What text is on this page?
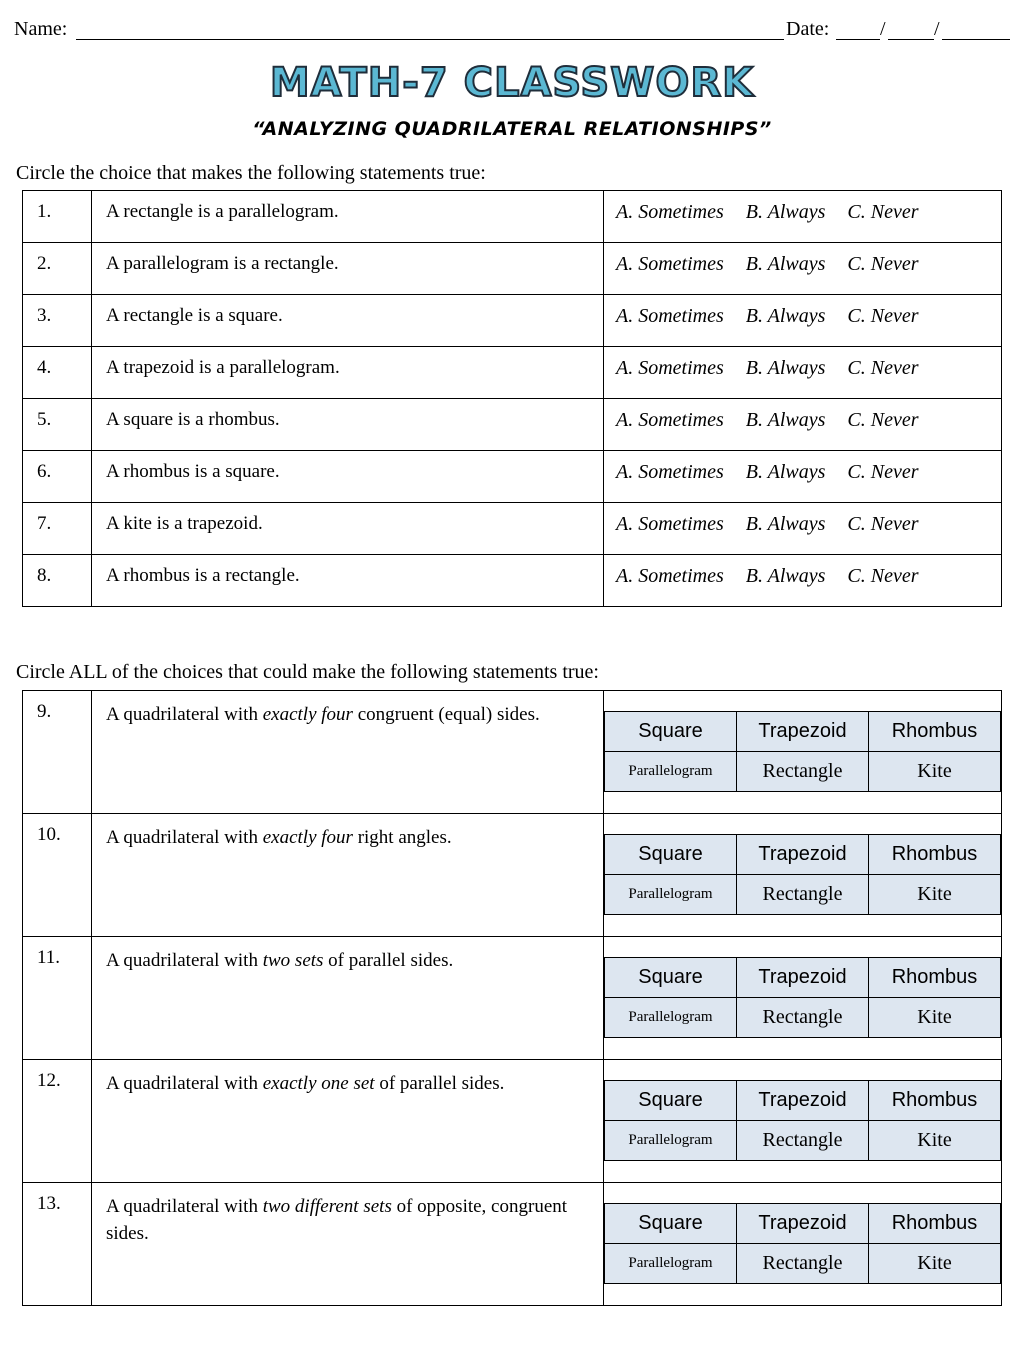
Name:	Date:	/ /
MATH-7 CLASSWORK
“ANALYZING QUADRILATERAL RELATIONSHIPS”
Circle the choice that makes the following statements true:
1.	A rectangle is a parallelogram.	A. Sometimes B. Always C. Never
2.	A parallelogram is a rectangle.	A. Sometimes B. Always C. Never
3.	A rectangle is a square.	A. Sometimes B. Always C. Never
4.	A trapezoid is a parallelogram.	A. Sometimes B. Always C. Never
5.	A square is a rhombus.	A. Sometimes B. Always C. Never
6.	A rhombus is a square.	A. Sometimes B. Always C. Never
7.	A kite is a trapezoid.	A. Sometimes B. Always C. Never
8.	A rhombus is a rectangle.	A. Sometimes B. Always C. Never
Circle ALL of the choices that could make the following statements true:
9.	A quadrilateral with exactly four congruent (equal) sides.	
Square	Trapezoid	Rhombus
Parallelogram	Rectangle	Kite

10.	A quadrilateral with exactly four right angles.	
Square	Trapezoid	Rhombus
Parallelogram	Rectangle	Kite

11.	A quadrilateral with two sets of parallel sides.	
Square	Trapezoid	Rhombus
Parallelogram	Rectangle	Kite

12.	A quadrilateral with exactly one set of parallel sides.	
Square	Trapezoid	Rhombus
Parallelogram	Rectangle	Kite

13.	A quadrilateral with two different sets of opposite, congruent sides.		Square	Trapezoid	Rhombus
Parallelogram	Rectangle	Kite
